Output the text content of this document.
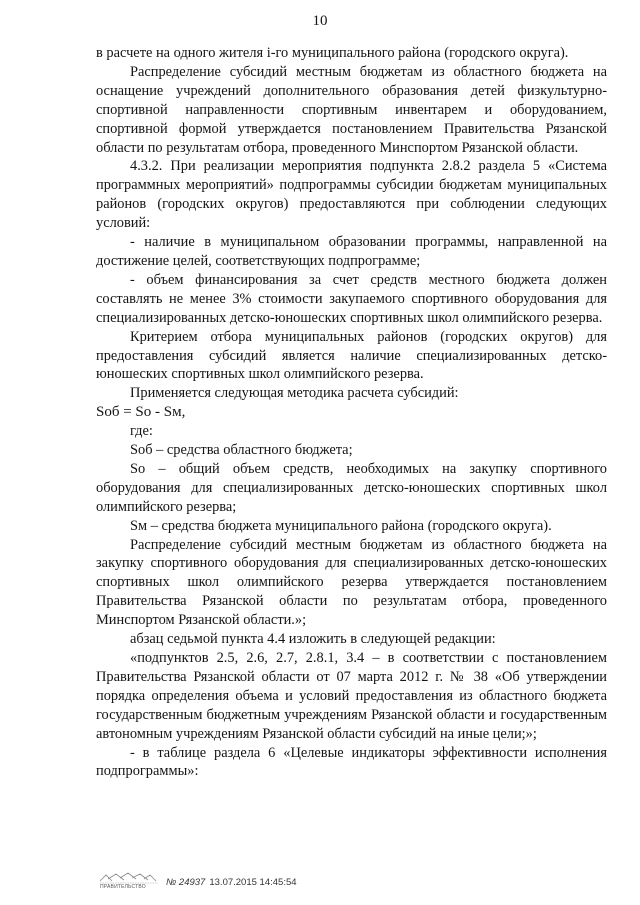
10

в расчете на одного жителя i-го муниципального района (городского округа).

Распределение субсидий местным бюджетам из областного бюджета на оснащение учреждений дополнительного образования детей физкультурно-спортивной направленности спортивным инвентарем и оборудованием, спортивной формой утверждается постановлением Правительства Рязанской области по результатам отбора, проведенного Минспортом Рязанской области.

4.3.2. При реализации мероприятия подпункта 2.8.2 раздела 5 «Система программных мероприятий» подпрограммы субсидии бюджетам муниципальных районов (городских округов) предоставляются при соблюдении следующих условий:

- наличие в муниципальном образовании программы, направленной на достижение целей, соответствующих подпрограмме;

- объем финансирования за счет средств местного бюджета должен составлять не менее 3% стоимости закупаемого спортивного оборудования для специализированных детско-юношеских спортивных школ олимпийского резерва.

Критерием отбора муниципальных районов (городских округов) для предоставления субсидий является наличие специализированных детско-юношеских спортивных школ олимпийского резерва.

Применяется следующая методика расчета субсидий:

Sоб = Sо - Sм,

где:

Sоб – средства областного бюджета;

Sо – общий объем средств, необходимых на закупку спортивного оборудования для специализированных детско-юношеских спортивных школ олимпийского резерва;

Sм – средства бюджета муниципального района (городского округа).

Распределение субсидий местным бюджетам из областного бюджета на закупку спортивного оборудования для специализированных детско-юношеских спортивных школ олимпийского резерва утверждается постановлением Правительства Рязанской области по результатам отбора, проведенного Минспортом Рязанской области.»;

абзац седьмой пункта 4.4 изложить в следующей редакции:

«подпунктов 2.5, 2.6, 2.7, 2.8.1, 3.4 – в соответствии с постановлением Правительства Рязанской области от 07 марта 2012 г. № 38 «Об утверждении порядка определения объема и условий предоставления из областного бюджета государственным бюджетным учреждениям Рязанской области и государственным автономным учреждениям Рязанской области субсидий на иные цели;»;

- в таблице раздела 6 «Целевые индикаторы эффективности исполнения подпрограммы»:

ПРАВИТЕЛЬСТВО № 24937 13.07.2015 14:45:54
